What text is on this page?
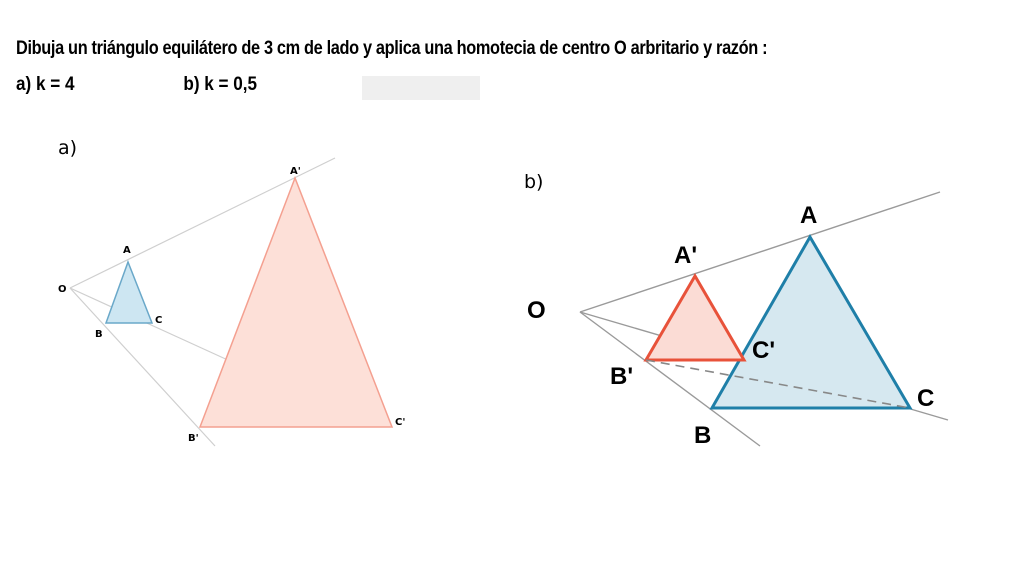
Dibuja un triángulo equilátero de 3 cm de lado y aplica una homotecia de centro O arbritario y razón :
a) k = 4	b) k = 0,5
a)
O
A
B
C
A'
B'
C'
b)
O
A
B
C
A'
B'
C'
